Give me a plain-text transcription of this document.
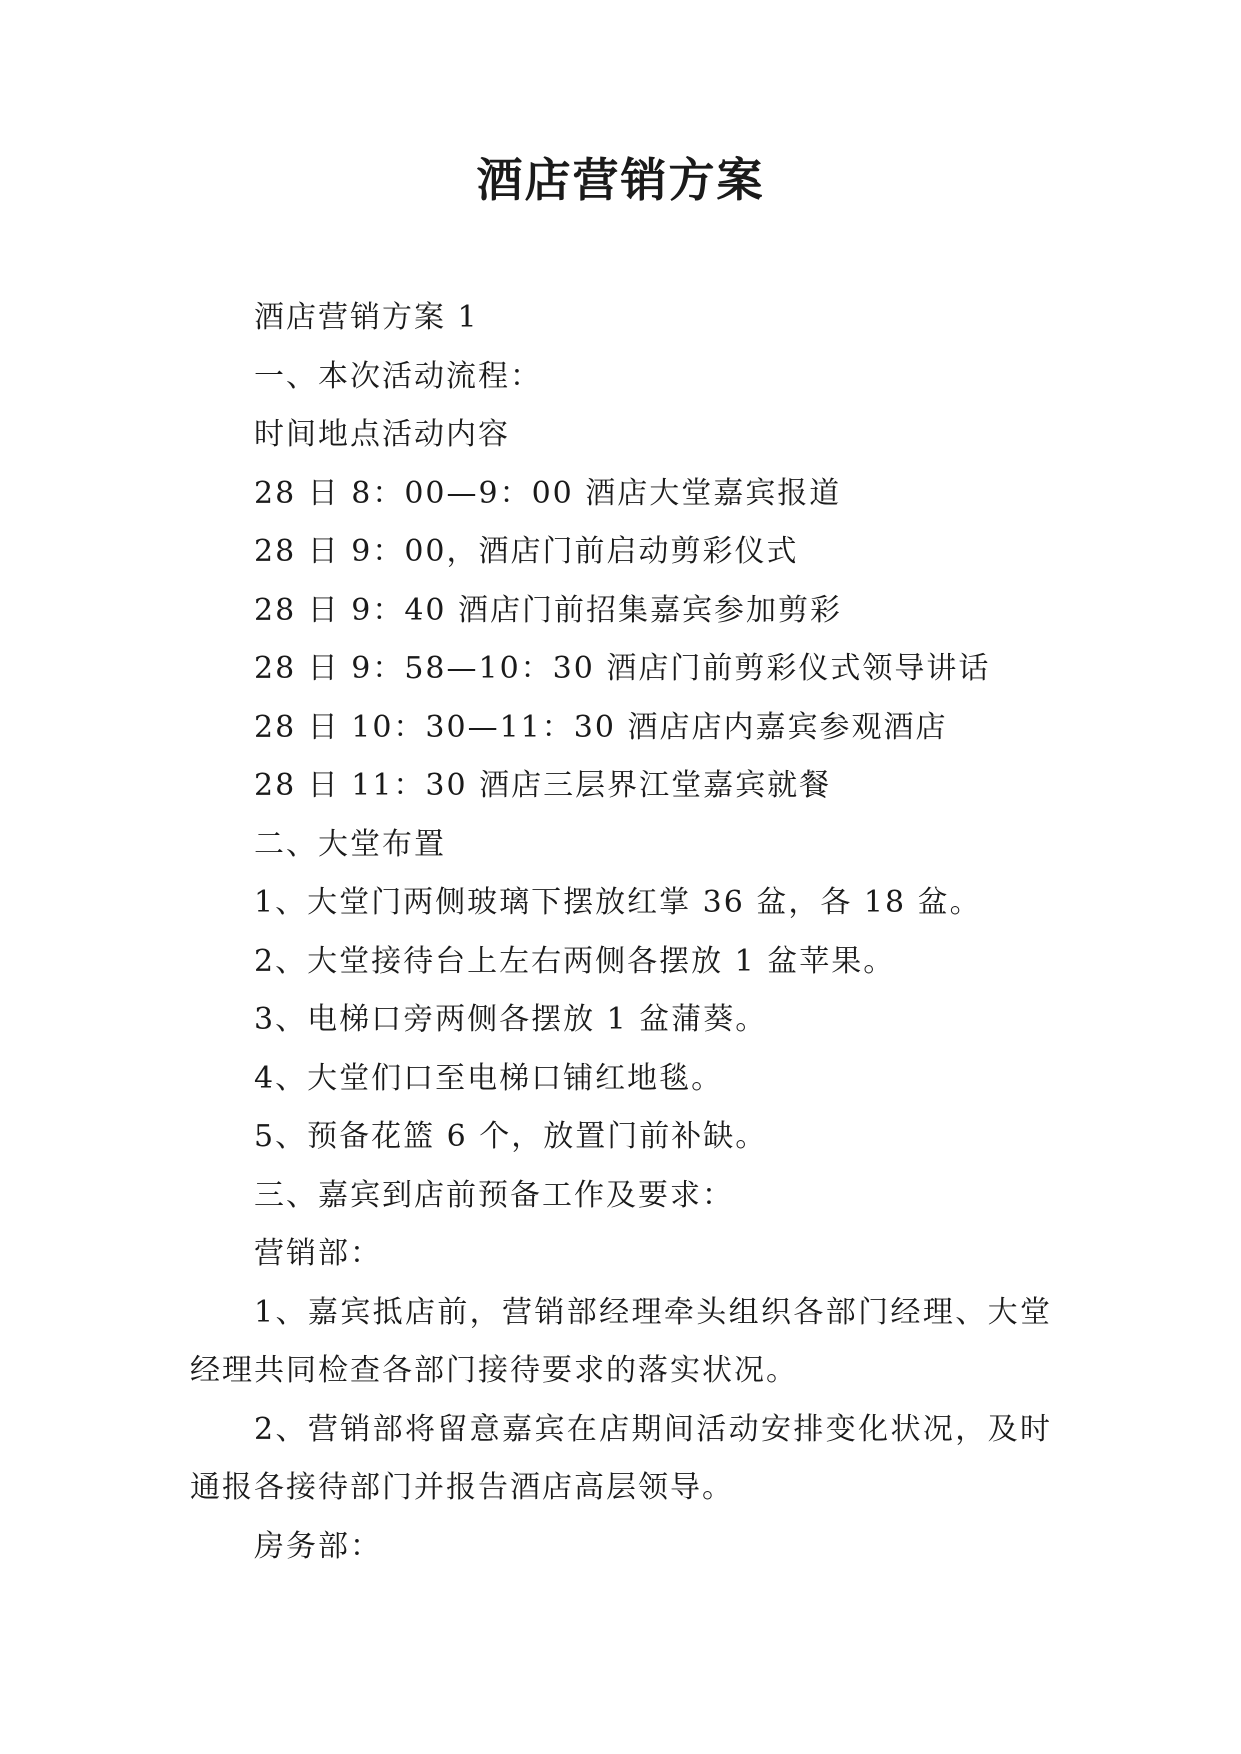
酒店营销方案

酒店营销方案 1

一、本次活动流程：

时间地点活动内容

28 日 8：00—9：00 酒店大堂嘉宾报道

28 日 9：00，酒店门前启动剪彩仪式

28 日 9：40 酒店门前招集嘉宾参加剪彩

28 日 9：58—10：30 酒店门前剪彩仪式领导讲话

28 日 10：30—11：30 酒店店内嘉宾参观酒店

28 日 11：30 酒店三层界江堂嘉宾就餐

二、大堂布置

1、大堂门两侧玻璃下摆放红掌 36 盆，各 18 盆。

2、大堂接待台上左右两侧各摆放 1 盆苹果。

3、电梯口旁两侧各摆放 1 盆蒲葵。

4、大堂们口至电梯口铺红地毯。

5、预备花篮 6 个，放置门前补缺。

三、嘉宾到店前预备工作及要求：

营销部：

1、嘉宾抵店前，营销部经理牵头组织各部门经理、大堂经理共同检查各部门接待要求的落实状况。

2、营销部将留意嘉宾在店期间活动安排变化状况，及时通报各接待部门并报告酒店高层领导。

房务部：
